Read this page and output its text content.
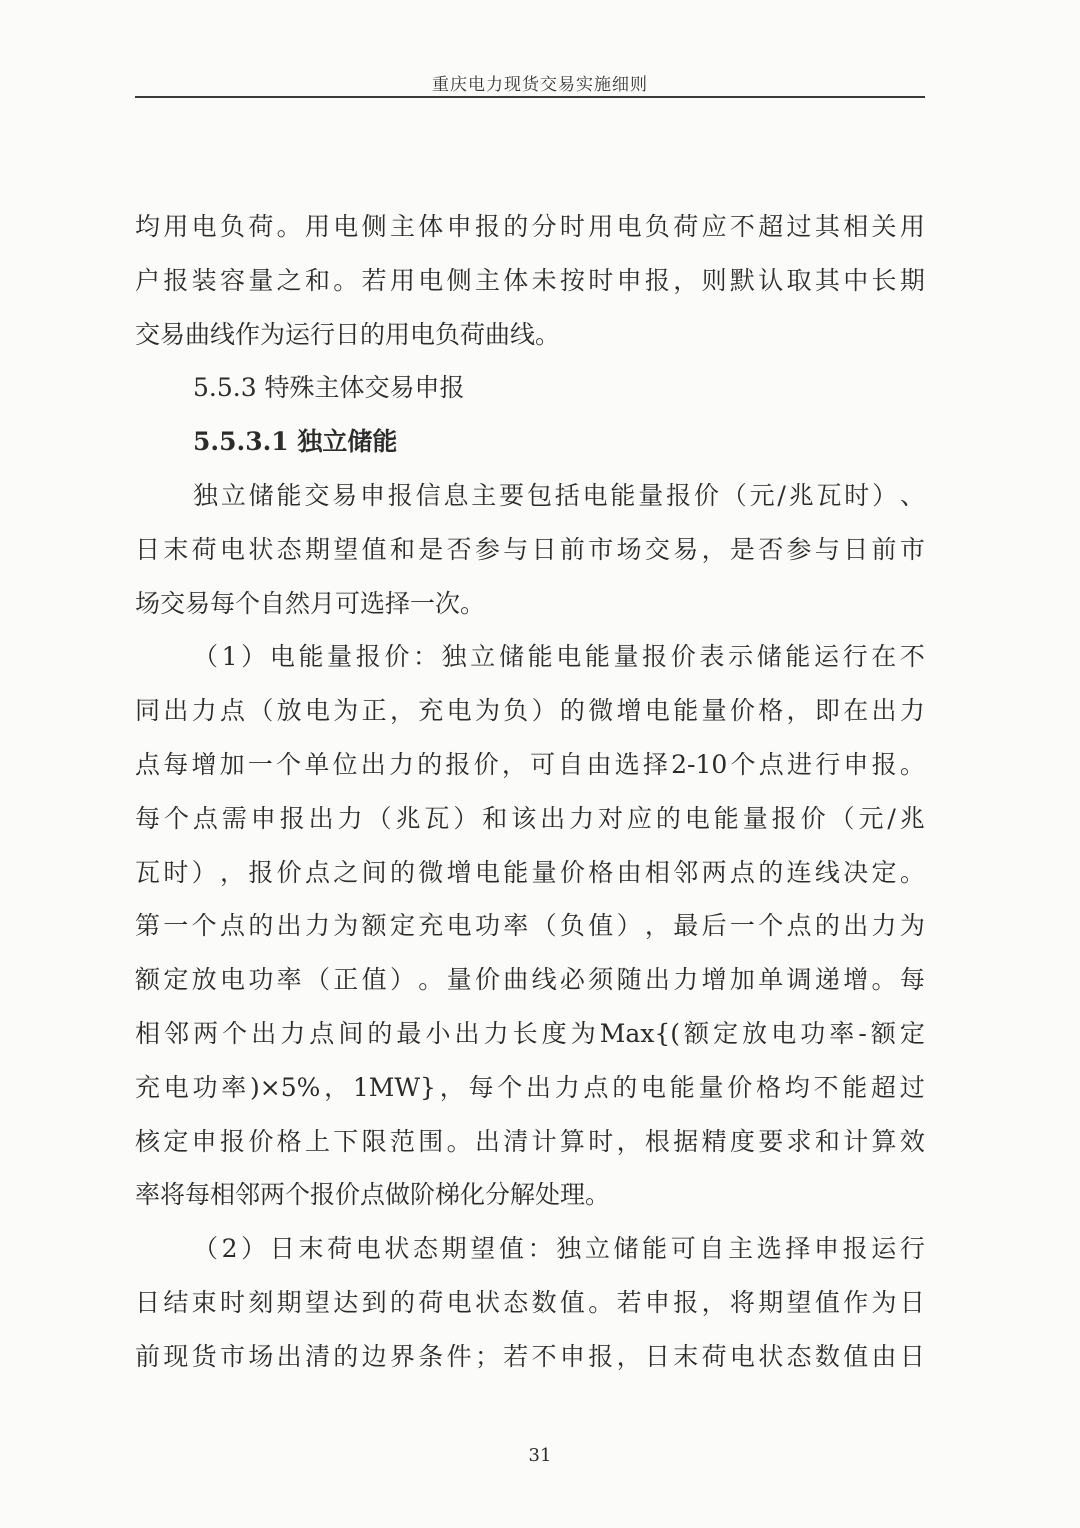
重庆电力现货交易实施细则
均 用 电 负 荷 。 用 电 侧 主 体 申 报 的 分 时 用 电 负 荷 应 不 超 过 其 相 关 用
户 报 装 容 量 之 和 。 若 用 电 侧 主 体 未 按 时 申 报 ， 则 默 认 取 其 中 长 期
交易曲线作为运行日的用电负荷曲线。
5.5.3 特殊主体交易申报
5.5.3.1 独立储能
独 立 储 能 交 易 申 报 信 息 主 要 包 括 电 能 量 报 价 （ 元 / 兆 瓦 时 ） 、
日 末 荷 电 状 态 期 望 值 和 是 否 参 与 日 前 市 场 交 易 ， 是 否 参 与 日 前 市
场交易每个自然月可选择一次。
（ 1 ） 电 能 量 报 价 ： 独 立 储 能 电 能 量 报 价 表 示 储 能 运 行 在 不
同 出 力 点 （ 放 电 为 正 ， 充 电 为 负 ） 的 微 增 电 能 量 价 格 ， 即 在 出 力
点 每 增 加 一 个 单 位 出 力 的 报 价 ， 可 自 由 选 择 2-10 个 点 进 行 申 报 。
每 个 点 需 申 报 出 力 （ 兆 瓦 ） 和 该 出 力 对 应 的 电 能 量 报 价 （ 元 / 兆
瓦 时 ） ， 报 价 点 之 间 的 微 增 电 能 量 价 格 由 相 邻 两 点 的 连 线 决 定 。
第 一 个 点 的 出 力 为 额 定 充 电 功 率 （ 负 值 ） ， 最 后 一 个 点 的 出 力 为
额 定 放 电 功 率 （ 正 值 ） 。 量 价 曲 线 必 须 随 出 力 增 加 单 调 递 增 。 每
相 邻 两 个 出 力 点 间 的 最 小 出 力 长 度 为 Max{( 额 定 放 电 功 率 - 额 定
充 电 功 率 )×5% ， 1MW} ， 每 个 出 力 点 的 电 能 量 价 格 均 不 能 超 过
核 定 申 报 价 格 上 下 限 范 围 。 出 清 计 算 时 ， 根 据 精 度 要 求 和 计 算 效
率将每相邻两个报价点做阶梯化分解处理。
（ 2 ） 日 末 荷 电 状 态 期 望 值 ： 独 立 储 能 可 自 主 选 择 申 报 运 行
日 结 束 时 刻 期 望 达 到 的 荷 电 状 态 数 值 。 若 申 报 ， 将 期 望 值 作 为 日
前 现 货 市 场 出 清 的 边 界 条 件 ； 若 不 申 报 ， 日 末 荷 电 状 态 数 值 由 日
31
